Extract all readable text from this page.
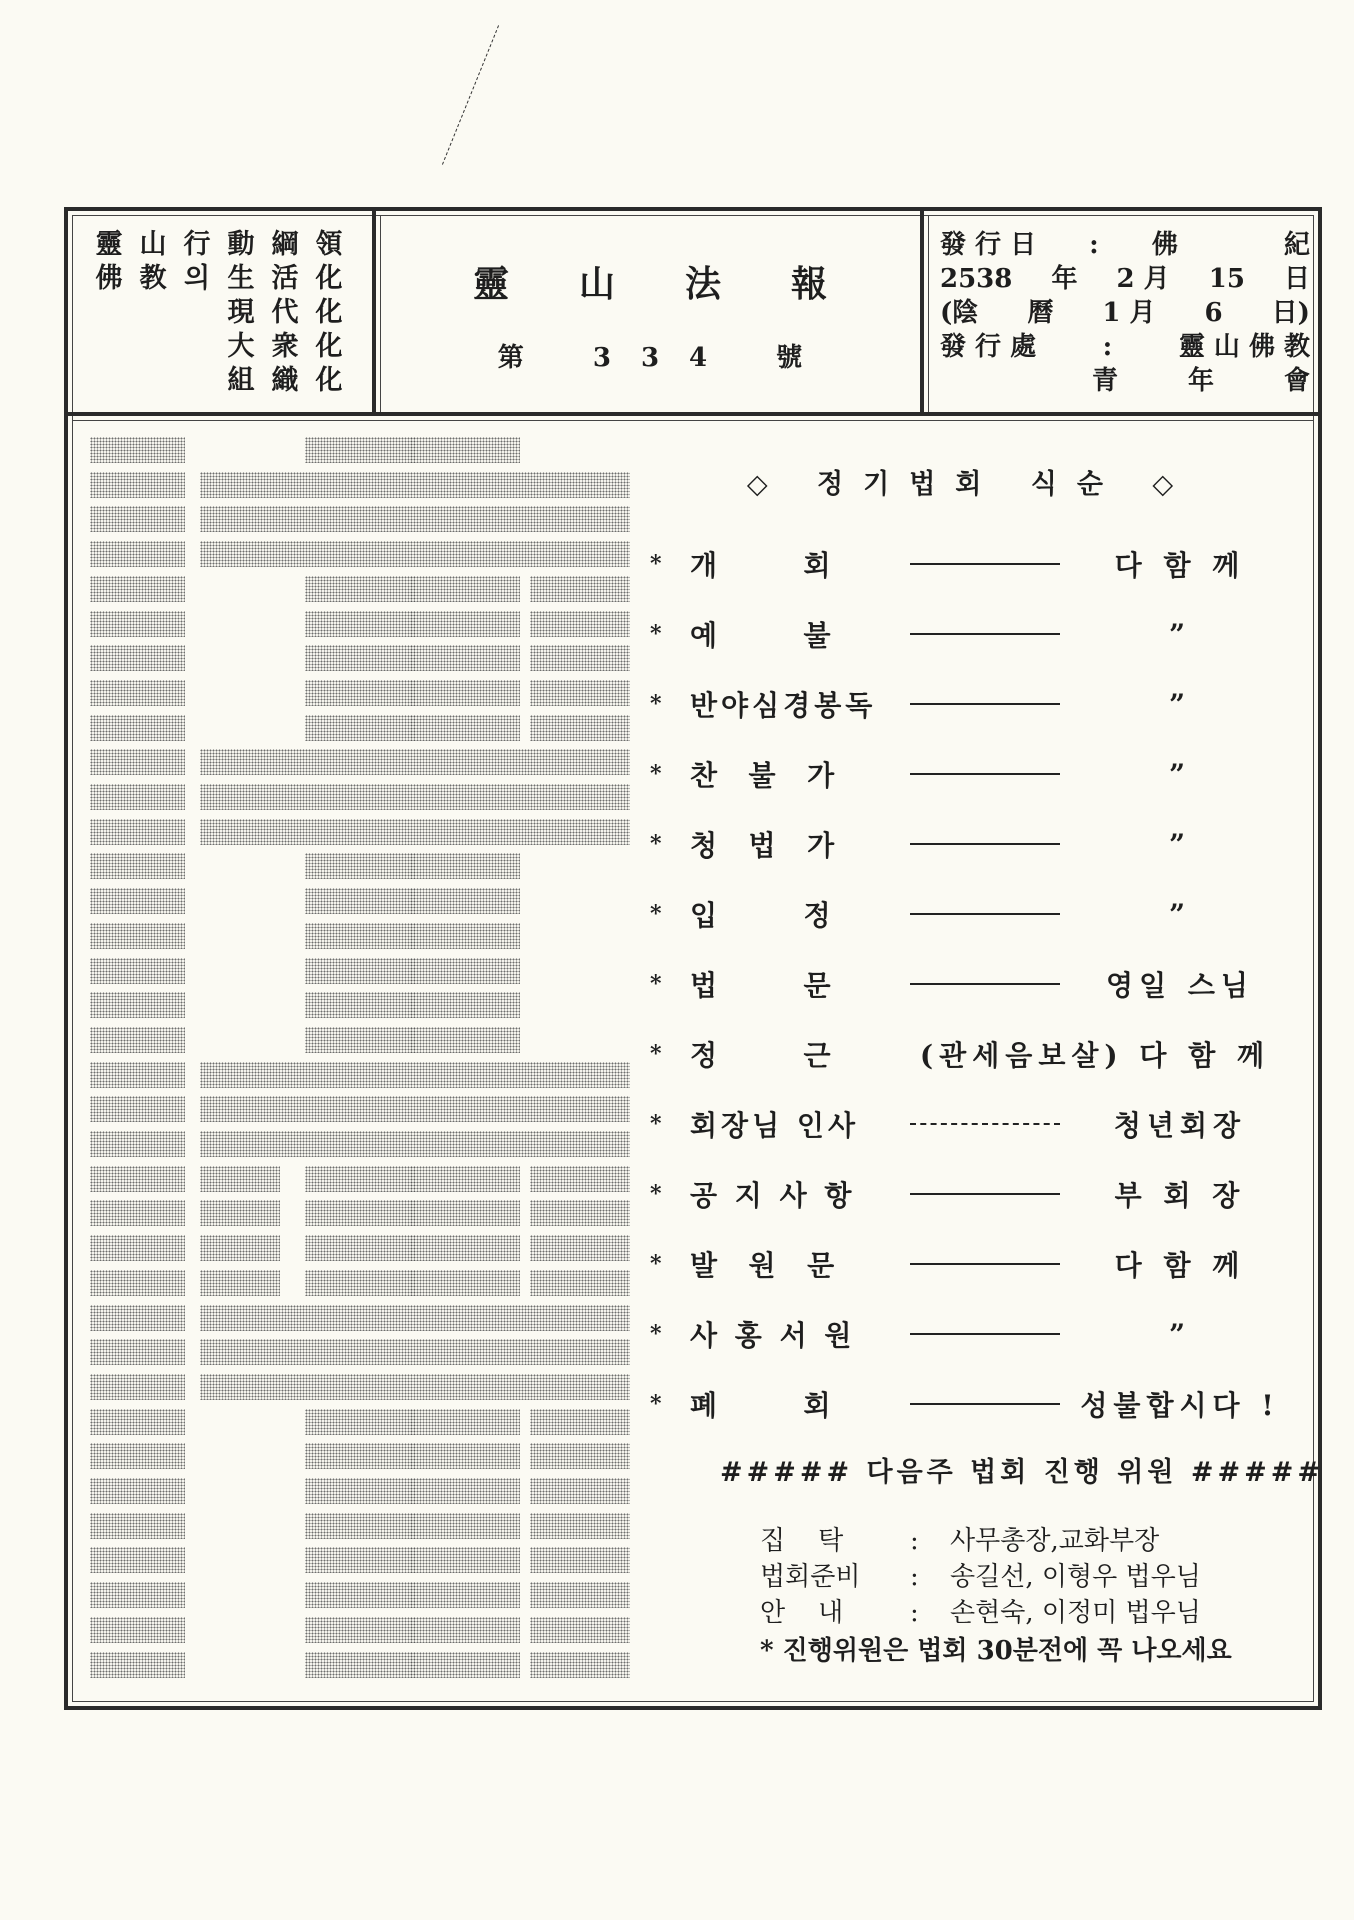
靈 山 行 動 綱 領
佛 教 의 生 活 化
現 代 化
大 衆 化
組 織 化
靈山法報
第 334 號
發 行 日 : 佛	紀
2538 年 2 月 15 日
(陰 曆 1 月 6 日)
發 行 處	:	靈 山 佛 教
青	年	會
◇ 정기법회 식순 ◇
*	개      회	다 함 께
*	예      불	”
*	반야심경봉독	”
*	찬  불  가	”
*	청  법  가	”
*	입      정	”
*	법      문	영일 스님
*	정      근	(관세음보살) 다 함 께
*	회장님 인사	청년회장
*	공 지 사 항	부 회 장
*	발  원  문	다 함 께
*	사 홍 서 원	”
*	폐      회	성불합시다 !
##### 다음주 법회 진행 위원 #####
집    탁	:	사무총장,교화부장
법회준비	:	송길선, 이형우 법우님
안    내	:	손현숙, 이정미 법우님
* 진행위원은 법회 30분전에 꼭 나오세요
